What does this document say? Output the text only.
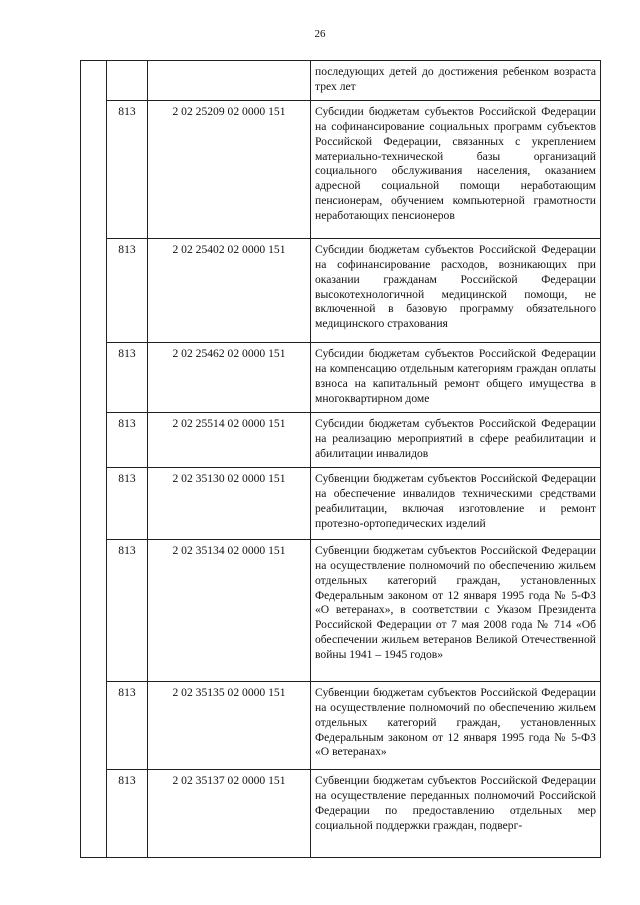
26
			последующих детей до достижения ребенком возраста трех лет
	813	2 02 25209 02 0000 151	Субсидии бюджетам субъектов Российской Федерации на софинансирование социальных программ субъектов Российской Федерации, связанных с укреплением материально-технической базы организаций социального обслуживания населения, оказанием адресной социальной помощи неработающим пенсионерам, обучением компьютерной грамотности неработающих пенсионеров
	813	2 02 25402 02 0000 151	Субсидии бюджетам субъектов Российской Федерации на софинансирование расходов, возникающих при оказании гражданам Российской Федерации высокотехнологичной медицинской помощи, не включенной в базовую программу обязательного медицинского страхования
	813	2 02 25462 02 0000 151	Субсидии бюджетам субъектов Российской Федерации на компенсацию отдельным категориям граждан оплаты взноса на капитальный ремонт общего имущества в многоквартирном доме
	813	2 02 25514 02 0000 151	Субсидии бюджетам субъектов Российской Федерации на реализацию мероприятий в сфере реабилитации и абилитации инвалидов
	813	2 02 35130 02 0000 151	Субвенции бюджетам субъектов Российской Федерации на обеспечение инвалидов техническими средствами реабилитации, включая изготовление и ремонт протезно-ортопедических изделий
	813	2 02 35134 02 0000 151	Субвенции бюджетам субъектов Российской Федерации на осуществление полномочий по обеспечению жильем отдельных категорий граждан, установленных Федеральным законом от 12 января 1995 года № 5-ФЗ «О ветеранах», в соответствии с Указом Президента Российской Федерации от 7 мая 2008 года № 714 «Об обеспечении жильем ветеранов Великой Отечественной войны 1941 – 1945 годов»
	813	2 02 35135 02 0000 151	Субвенции бюджетам субъектов Российской Федерации на осуществление полномочий по обеспечению жильем отдельных категорий граждан, установленных Федеральным законом от 12 января 1995 года № 5-ФЗ «О ветеранах»
	813	2 02 35137 02 0000 151	Субвенции бюджетам субъектов Российской Федерации на осуществление переданных полномочий Российской Федерации по предоставлению отдельных мер социальной поддержки граждан, подверг-
